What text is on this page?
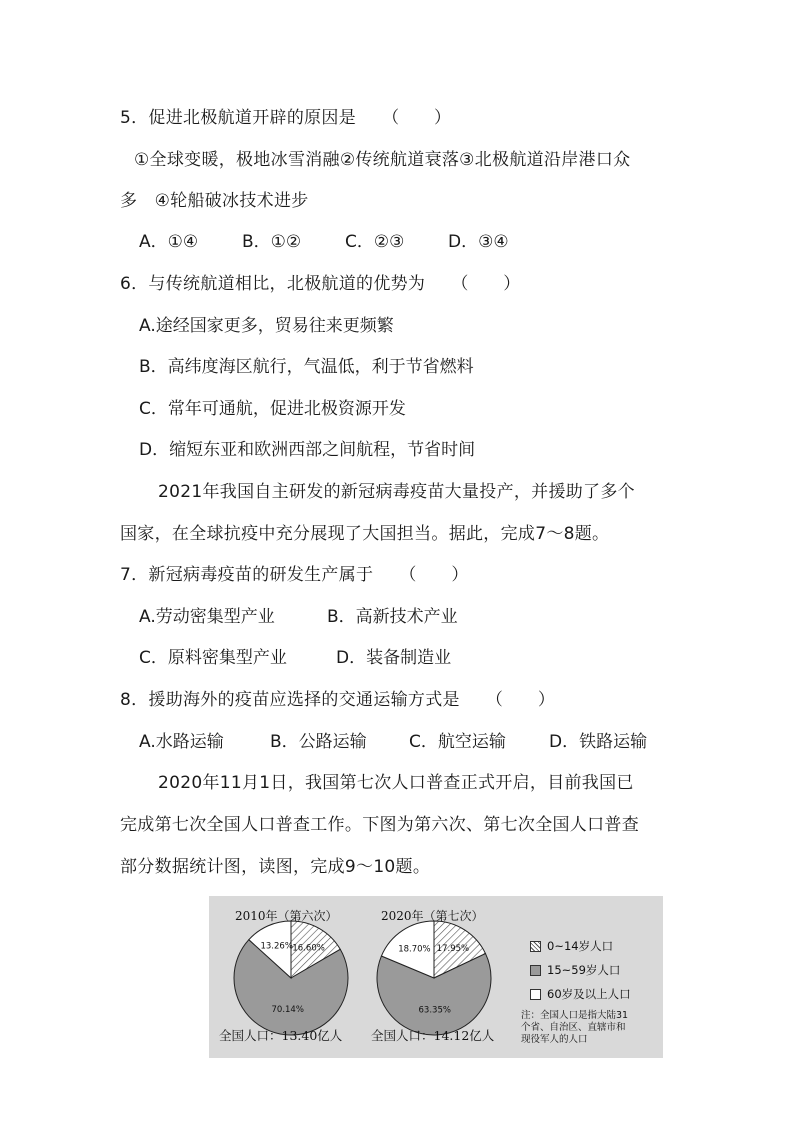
5．促进北极航道开辟的原因是　　（　　）
①全球变暖，极地冰雪消融②传统航道衰落③北极航道沿岸港口众
多　④轮船破冰技术进步
A．①④	B．①②	C．②③	D．③④
6．与传统航道相比，北极航道的优势为　　（　　）
A.途经国家更多，贸易往来更频繁
B．高纬度海区航行，气温低，利于节省燃料
C．常年可通航，促进北极资源开发
D．缩短东亚和欧洲西部之间航程，节省时间
2021年我国自主研发的新冠病毒疫苗大量投产，并援助了多个
国家，在全球抗疫中充分展现了大国担当。据此，完成7～8题。
7．新冠病毒疫苗的研发生产属于　　（　　）
A.劳动密集型产业	B．高新技术产业
C．原料密集型产业	D．装备制造业
8．援助海外的疫苗应选择的交通运输方式是　　（　　）
A.水路运输	B．公路运输 C．航空运输	D．铁路运输
2020年11月1日，我国第七次人口普查正式开启，目前我国已
完成第七次全国人口普查工作。下图为第六次、第七次全国人口普查
部分数据统计图，读图，完成9～10题。
2010年（第六次）	2020年（第七次）
16.60%
70.14%
13.26%	17.95%
63.35%
18.70%
全国人口：13.40亿人 全国人口：14.12亿人
0~14岁人口
15~59岁人口
60岁及以上人口
注：全国人口是指大陆31
个省、自治区、直辖市和
现役军人的人口
